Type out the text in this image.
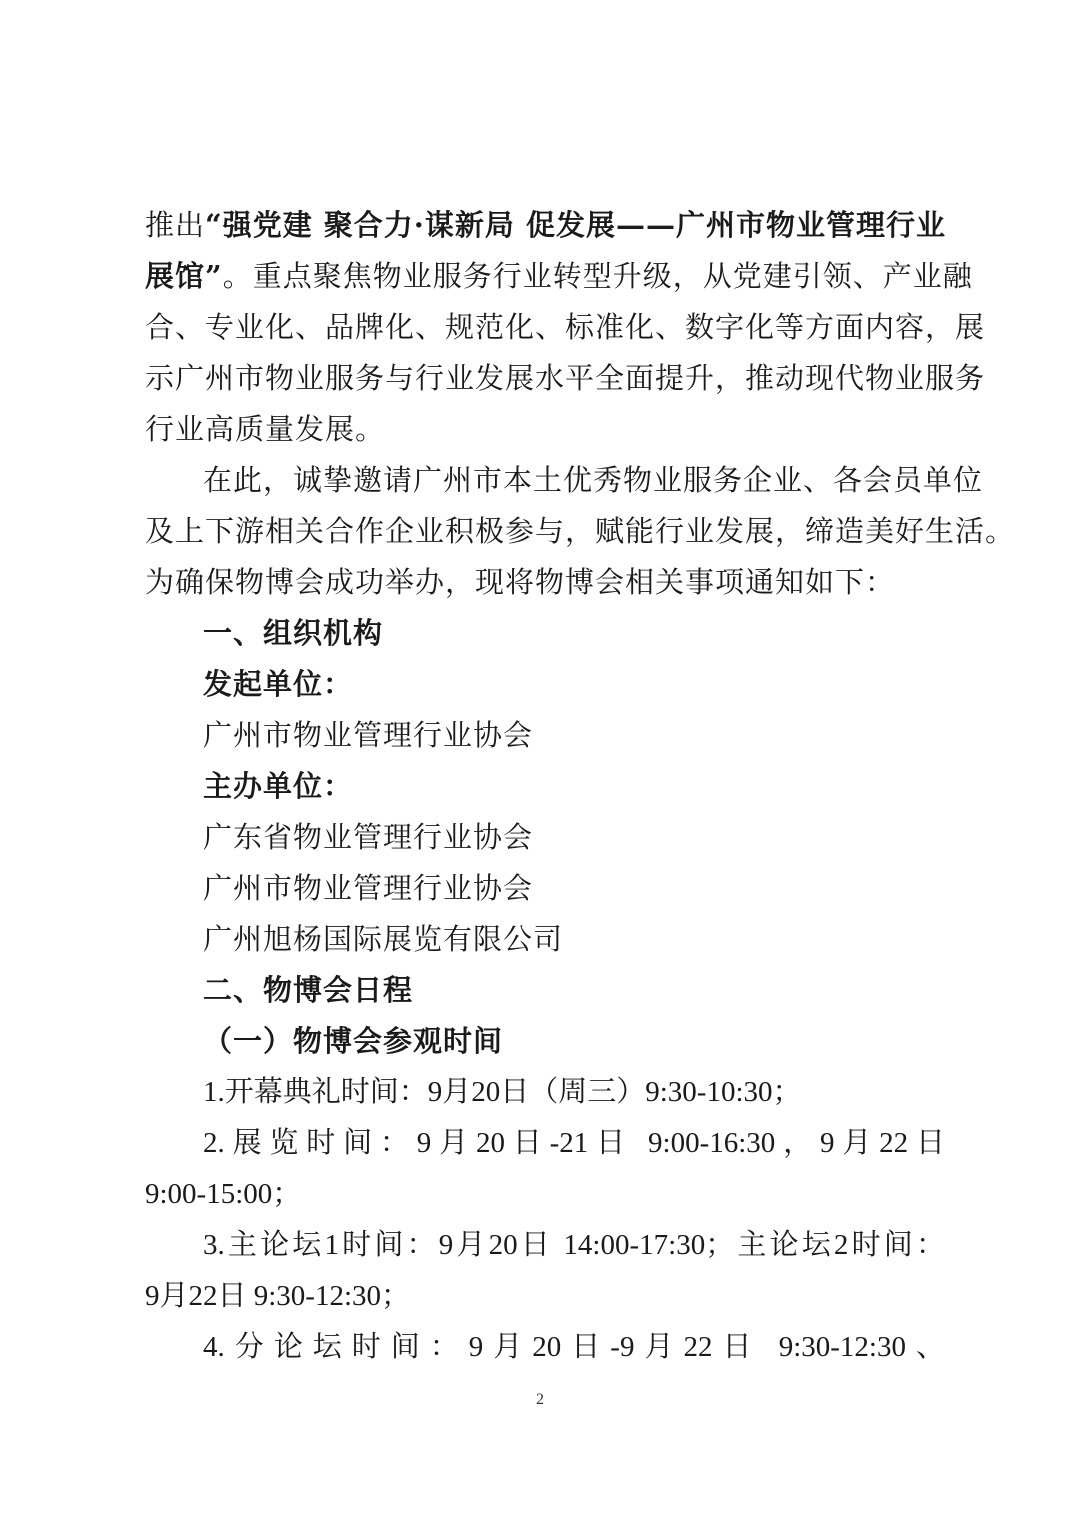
推出“强党建 聚合力·谋新局 促发展——广州市物业管理行业
展馆”。重点聚焦物业服务行业转型升级，从党建引领、产业融
合、专业化、品牌化、规范化、标准化、数字化等方面内容，展
示广州市物业服务与行业发展水平全面提升，推动现代物业服务
行业高质量发展。
在此，诚挚邀请广州市本土优秀物业服务企业、各会员单位
及上下游相关合作企业积极参与，赋能行业发展，缔造美好生活。
为确保物博会成功举办，现将物博会相关事项通知如下：
一、组织机构
发起单位：
广州市物业管理行业协会
主办单位：
广东省物业管理行业协会
广州市物业管理行业协会
广州旭杨国际展览有限公司
二、物博会日程
（一）物博会参观时间
1.开幕典礼时间：9月20日（周三）9:30-10:30；
2.展览时间：9月20日-21日 9:00-16:30，9月22日
9:00-15:00；
3.主论坛1时间：9月20日 14:00-17:30；主论坛2时间：
9月22日 9:30-12:30；
4.分论坛时间：9月20日-9月22日 9:30-12:30、
2
